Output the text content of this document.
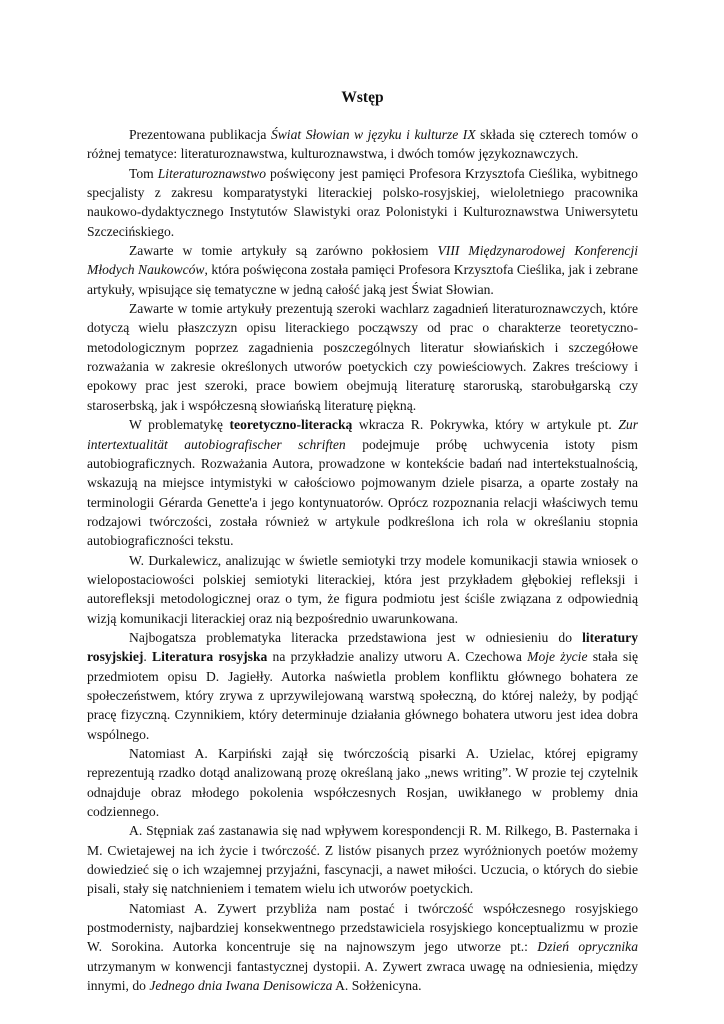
Wstęp

Prezentowana publikacja Świat Słowian w języku i kulturze IX składa się czterech tomów o różnej tematyce: literaturoznawstwa, kulturoznawstwa, i dwóch tomów językoznawczych.

Tom Literaturoznawstwo poświęcony jest pamięci Profesora Krzysztofa Cieślika, wybitnego specjalisty z zakresu komparatystyki literackiej polsko-rosyjskiej, wieloletniego pracownika naukowo-dydaktycznego Instytutów Slawistyki oraz Polonistyki i Kulturoznawstwa Uniwersytetu Szczecińskiego.

Zawarte w tomie artykuły są zarówno pokłosiem VIII Międzynarodowej Konferencji Młodych Naukowców, która poświęcona została pamięci Profesora Krzysztofa Cieślika, jak i zebrane artykuły, wpisujące się tematyczne w jedną całość jaką jest Świat Słowian.

Zawarte w tomie artykuły prezentują szeroki wachlarz zagadnień literaturoznawczych, które dotyczą wielu płaszczyzn opisu literackiego począwszy od prac o charakterze teoretyczno-metodologicznym poprzez zagadnienia poszczególnych literatur słowiańskich i szczegółowe rozważania w zakresie określonych utworów poetyckich czy powieściowych. Zakres treściowy i epokowy prac jest szeroki, prace bowiem obejmują literaturę staroruską, starobułgarską czy staroserbską, jak i współczesną słowiańską literaturę piękną.

W problematykę teoretyczno-literacką wkracza R. Pokrywka, który w artykule pt. Zur intertextualität autobiografischer schriften podejmuje próbę uchwycenia istoty pism autobiograficznych. Rozważania Autora, prowadzone w kontekście badań nad intertekstualnością, wskazują na miejsce intymistyki w całościowo pojmowanym dziele pisarza, a oparte zostały na terminologii Gérarda Genette'a i jego kontynuatorów. Oprócz rozpoznania relacji właściwych temu rodzajowi twórczości, została również w artykule podkreślona ich rola w określaniu stopnia autobiograficzności tekstu.

W. Durkalewicz, analizując w świetle semiotyki trzy modele komunikacji stawia wniosek o wielopostaciowości polskiej semiotyki literackiej, która jest przykładem głębokiej refleksji i autorefleksji metodologicznej oraz o tym, że figura podmiotu jest ściśle związana z odpowiednią wizją komunikacji literackiej oraz nią bezpośrednio uwarunkowana.

Najbogatsza problematyka literacka przedstawiona jest w odniesieniu do literatury rosyjskiej. Literatura rosyjska na przykładzie analizy utworu A. Czechowa Moje życie stała się przedmiotem opisu D. Jagiełły. Autorka naświetla problem konfliktu głównego bohatera ze społeczeństwem, który zrywa z uprzywilejowaną warstwą społeczną, do której należy, by podjąć pracę fizyczną. Czynnikiem, który determinuje działania głównego bohatera utworu jest idea dobra wspólnego.

Natomiast A. Karpiński zajął się twórczością pisarki A. Uzielac, której epigramy reprezentują rzadko dotąd analizowaną prozę określaną jako „news writing”. W prozie tej czytelnik odnajduje obraz młodego pokolenia współczesnych Rosjan, uwikłanego w problemy dnia codziennego.

A. Stępniak zaś zastanawia się nad wpływem korespondencji R. M. Rilkego, B. Pasternaka i M. Cwietajewej na ich życie i twórczość. Z listów pisanych przez wyróżnionych poetów możemy dowiedzieć się o ich wzajemnej przyjaźni, fascynacji, a nawet miłości. Uczucia, o których do siebie pisali, stały się natchnieniem i tematem wielu ich utworów poetyckich.

Natomiast A. Zywert przybliża nam postać i twórczość współczesnego rosyjskiego postmodernisty, najbardziej konsekwentnego przedstawiciela rosyjskiego konceptualizmu w prozie W. Sorokina. Autorka koncentruje się na najnowszym jego utworze pt.: Dzień oprycznika utrzymanym w konwencji fantastycznej dystopii. A. Zywert zwraca uwagę na odniesienia, między innymi, do Jednego dnia Iwana Denisowicza A. Sołżenicyna.
